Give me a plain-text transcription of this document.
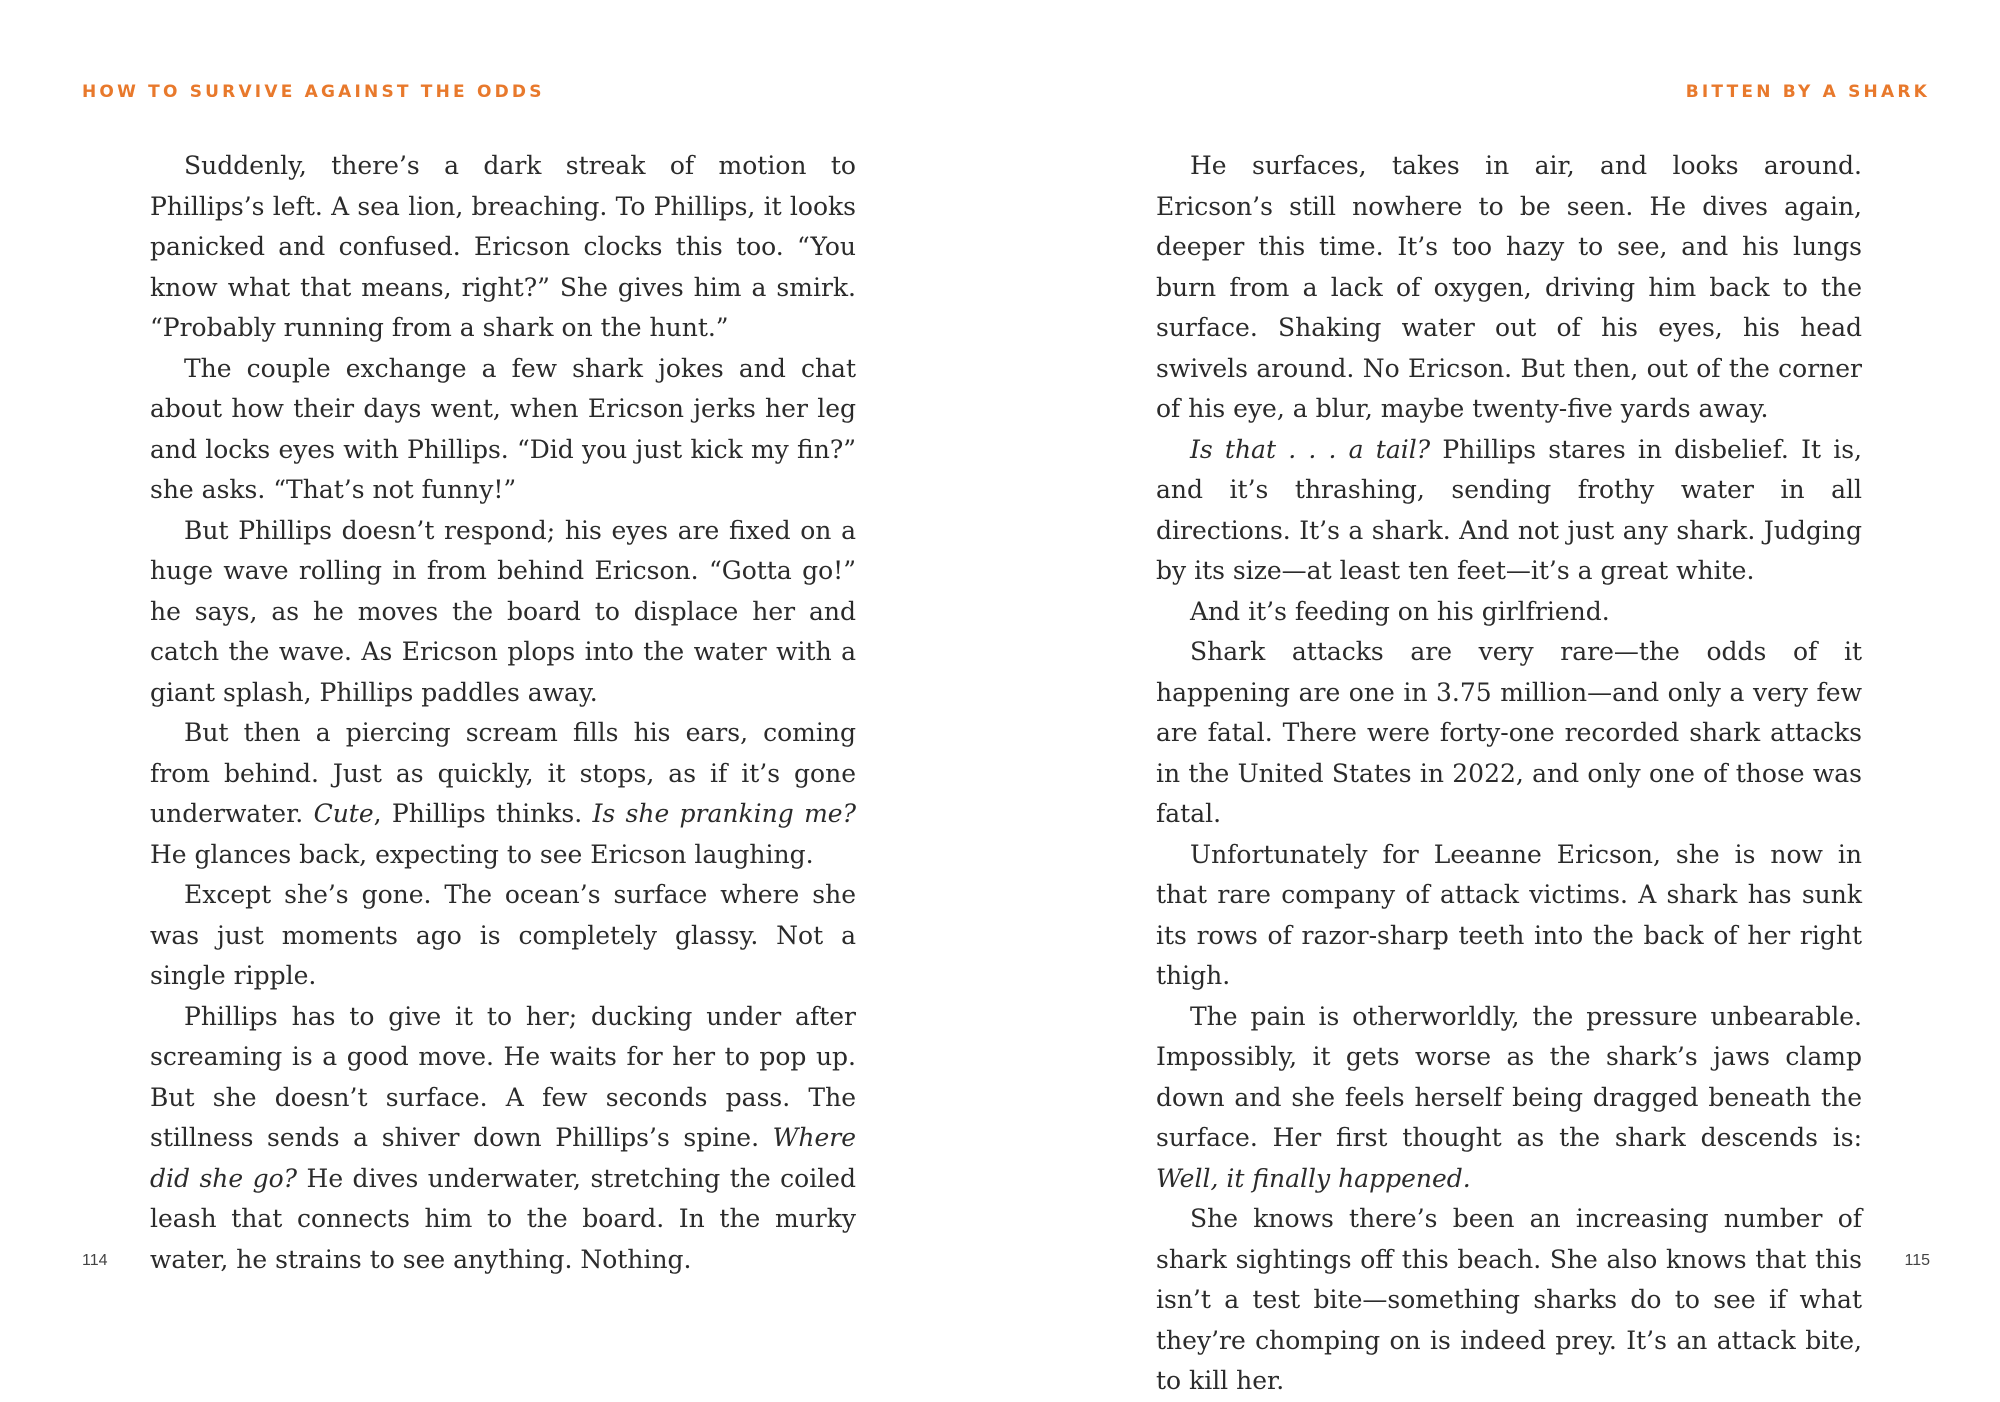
HOW TO SURVIVE AGAINST THE ODDS

Suddenly, there’s a dark streak of motion to Phillips’s left. A sea lion, breaching. To Phillips, it looks panicked and confused. Ericson clocks this too. “You know what that means, right?” She gives him a smirk. “Probably running from a shark on the hunt.”

The couple exchange a few shark jokes and chat about how their days went, when Ericson jerks her leg and locks eyes with Phillips. “Did you just kick my fin?” she asks. “That’s not funny!”

But Phillips doesn’t respond; his eyes are fixed on a huge wave rolling in from behind Ericson. “Gotta go!” he says, as he moves the board to displace her and catch the wave. As Ericson plops into the water with a giant splash, Phillips paddles away.

But then a piercing scream fills his ears, coming from behind. Just as quickly, it stops, as if it’s gone underwater. Cute, Phillips thinks. Is she pranking me? He glances back, expecting to see Ericson laughing.

Except she’s gone. The ocean’s surface where she was just moments ago is completely glassy. Not a single ripple.

Phillips has to give it to her; ducking under after screaming is a good move. He waits for her to pop up. But she doesn’t surface. A few seconds pass. The stillness sends a shiver down Phillips’s spine. Where did she go? He dives underwater, stretching the coiled leash that connects him to the board. In the murky water, he strains to see anything. Nothing.

114
BITTEN BY A SHARK

He surfaces, takes in air, and looks around. Ericson’s still nowhere to be seen. He dives again, deeper this time. It’s too hazy to see, and his lungs burn from a lack of oxygen, driving him back to the surface. Shaking water out of his eyes, his head swivels around. No Ericson. But then, out of the corner of his eye, a blur, maybe twenty-five yards away.

Is that . . . a tail? Phillips stares in disbelief. It is, and it’s thrashing, sending frothy water in all directions. It’s a shark. And not just any shark. Judging by its size—at least ten feet—it’s a great white.

And it’s feeding on his girlfriend.

Shark attacks are very rare—the odds of it happening are one in 3.75 million—and only a very few are fatal. There were forty-one recorded shark attacks in the United States in 2022, and only one of those was fatal.

Unfortunately for Leeanne Ericson, she is now in that rare company of attack victims. A shark has sunk its rows of razor-sharp teeth into the back of her right thigh.

The pain is otherworldly, the pressure unbearable. Impossibly, it gets worse as the shark’s jaws clamp down and she feels herself being dragged beneath the surface. Her first thought as the shark descends is: Well, it finally happened.

She knows there’s been an increasing number of shark sightings off this beach. She also knows that this isn’t a test bite—something sharks do to see if what they’re chomping on is indeed prey. It’s an attack bite, to kill her.

115
